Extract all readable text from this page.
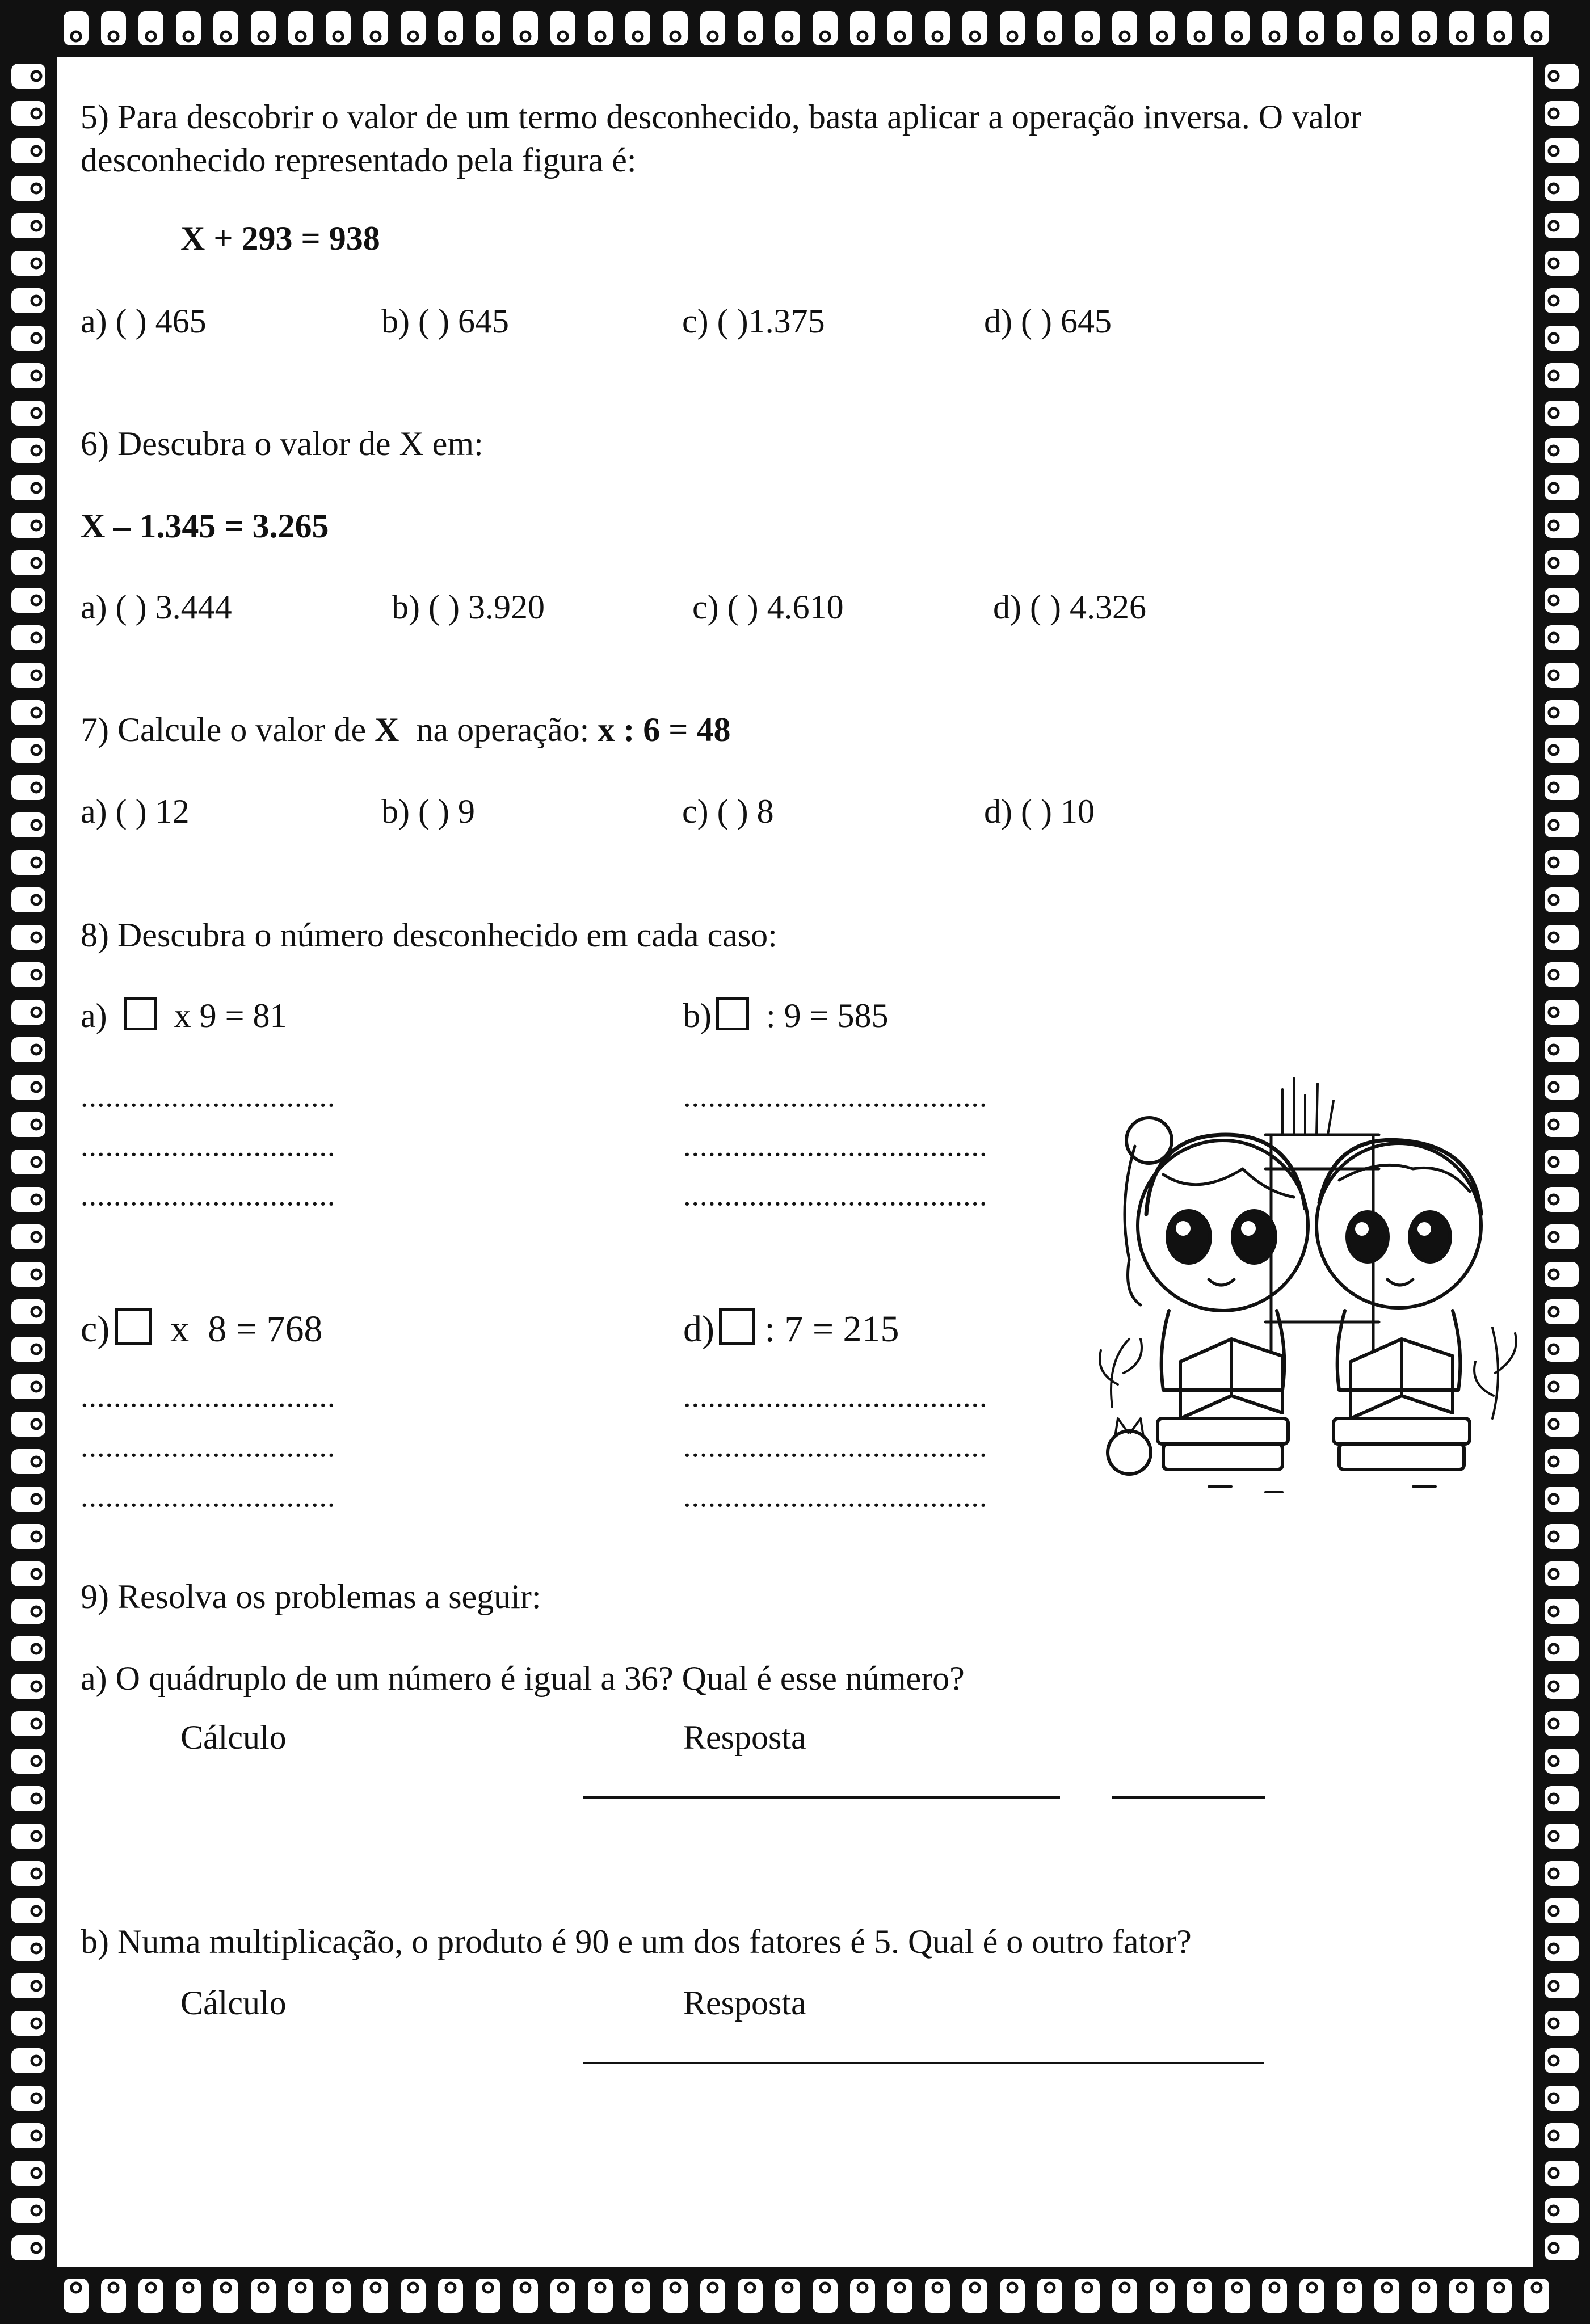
5) Para descobrir o valor de um termo desconhecido, basta aplicar a operação inversa. O valor
desconhecido representado pela figura é:
X + 293 = 938
a) ( ) 465	b) ( ) 645	c) ( )1.375	d) ( ) 645
6) Descubra o valor de X em:
X – 1.345 = 3.265
a) ( ) 3.444	b) ( ) 3.920	c) ( ) 4.610	d) ( ) 4.326
7) Calcule o valor de X  na operação: x : 6 = 48
a) ( ) 12	b) ( ) 9	c) ( ) 8	d) ( ) 10
8) Descubra o número desconhecido em cada caso:
a) x 9 = 81	b) : 9 = 585
...............................
...............................
...............................
.....................................
.....................................
.....................................
c) x  8 = 768	d) : 7 = 215
...............................
...............................
...............................
.....................................
.....................................
.....................................
9) Resolva os problemas a seguir:
a) O quádruplo de um número é igual a 36? Qual é esse número?
Cálculo	Resposta
b) Numa multiplicação, o produto é 90 e um dos fatores é 5. Qual é o outro fator?
Cálculo	Resposta
